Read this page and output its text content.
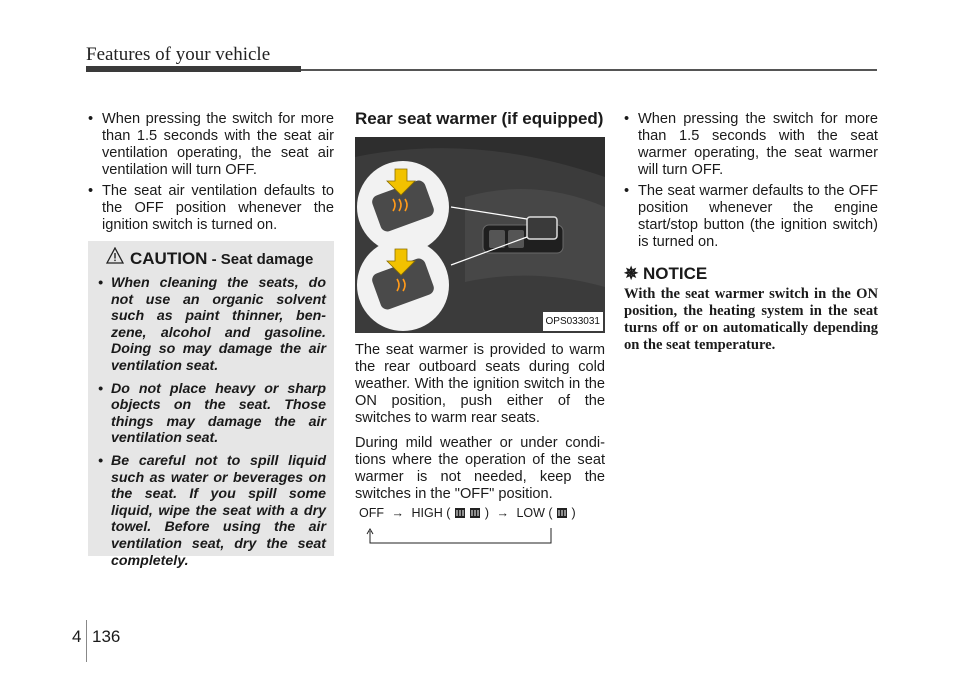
Features of your vehicle
• When pressing the switch for more than 1.5 seconds with the seat air ventilation operating, the seat air ventilation will turn OFF.
• The seat air ventilation defaults to the OFF position whenever the ignition switch is turned on.
CAUTION - Seat damage
• When cleaning the seats, do not use an organic solvent such as paint thinner, ben-zene, alcohol and gasoline. Doing so may damage the air ventilation seat.
• Do not place heavy or sharp objects on the seat. Those things may damage the air ventilation seat.
• Be careful not to spill liquid such as water or beverages on the seat. If you spill some liquid, wipe the seat with a dry towel. Before using the air ventilation seat, dry the seat completely.
Rear seat warmer (if equipped)
OPS033031
The seat warmer is provided to warm the rear outboard seats during cold weather. With the ignition switch in the ON position, push either of the switches to warm rear seats.
During mild weather or under condi-tions where the operation of the seat warmer is not needed, keep the switches in the "OFF" position.
OFF → HIGH (	) → LOW ( )
• When pressing the switch for more than 1.5 seconds with the seat warmer operating, the seat warmer will turn OFF.
• The seat warmer defaults to the OFF position whenever the engine start/stop button (the ignition switch) is turned on.
✵ NOTICE
With the seat warmer switch in the ON position, the heating system in the seat turns off or on automatically depending on the seat temperature.
4 136
